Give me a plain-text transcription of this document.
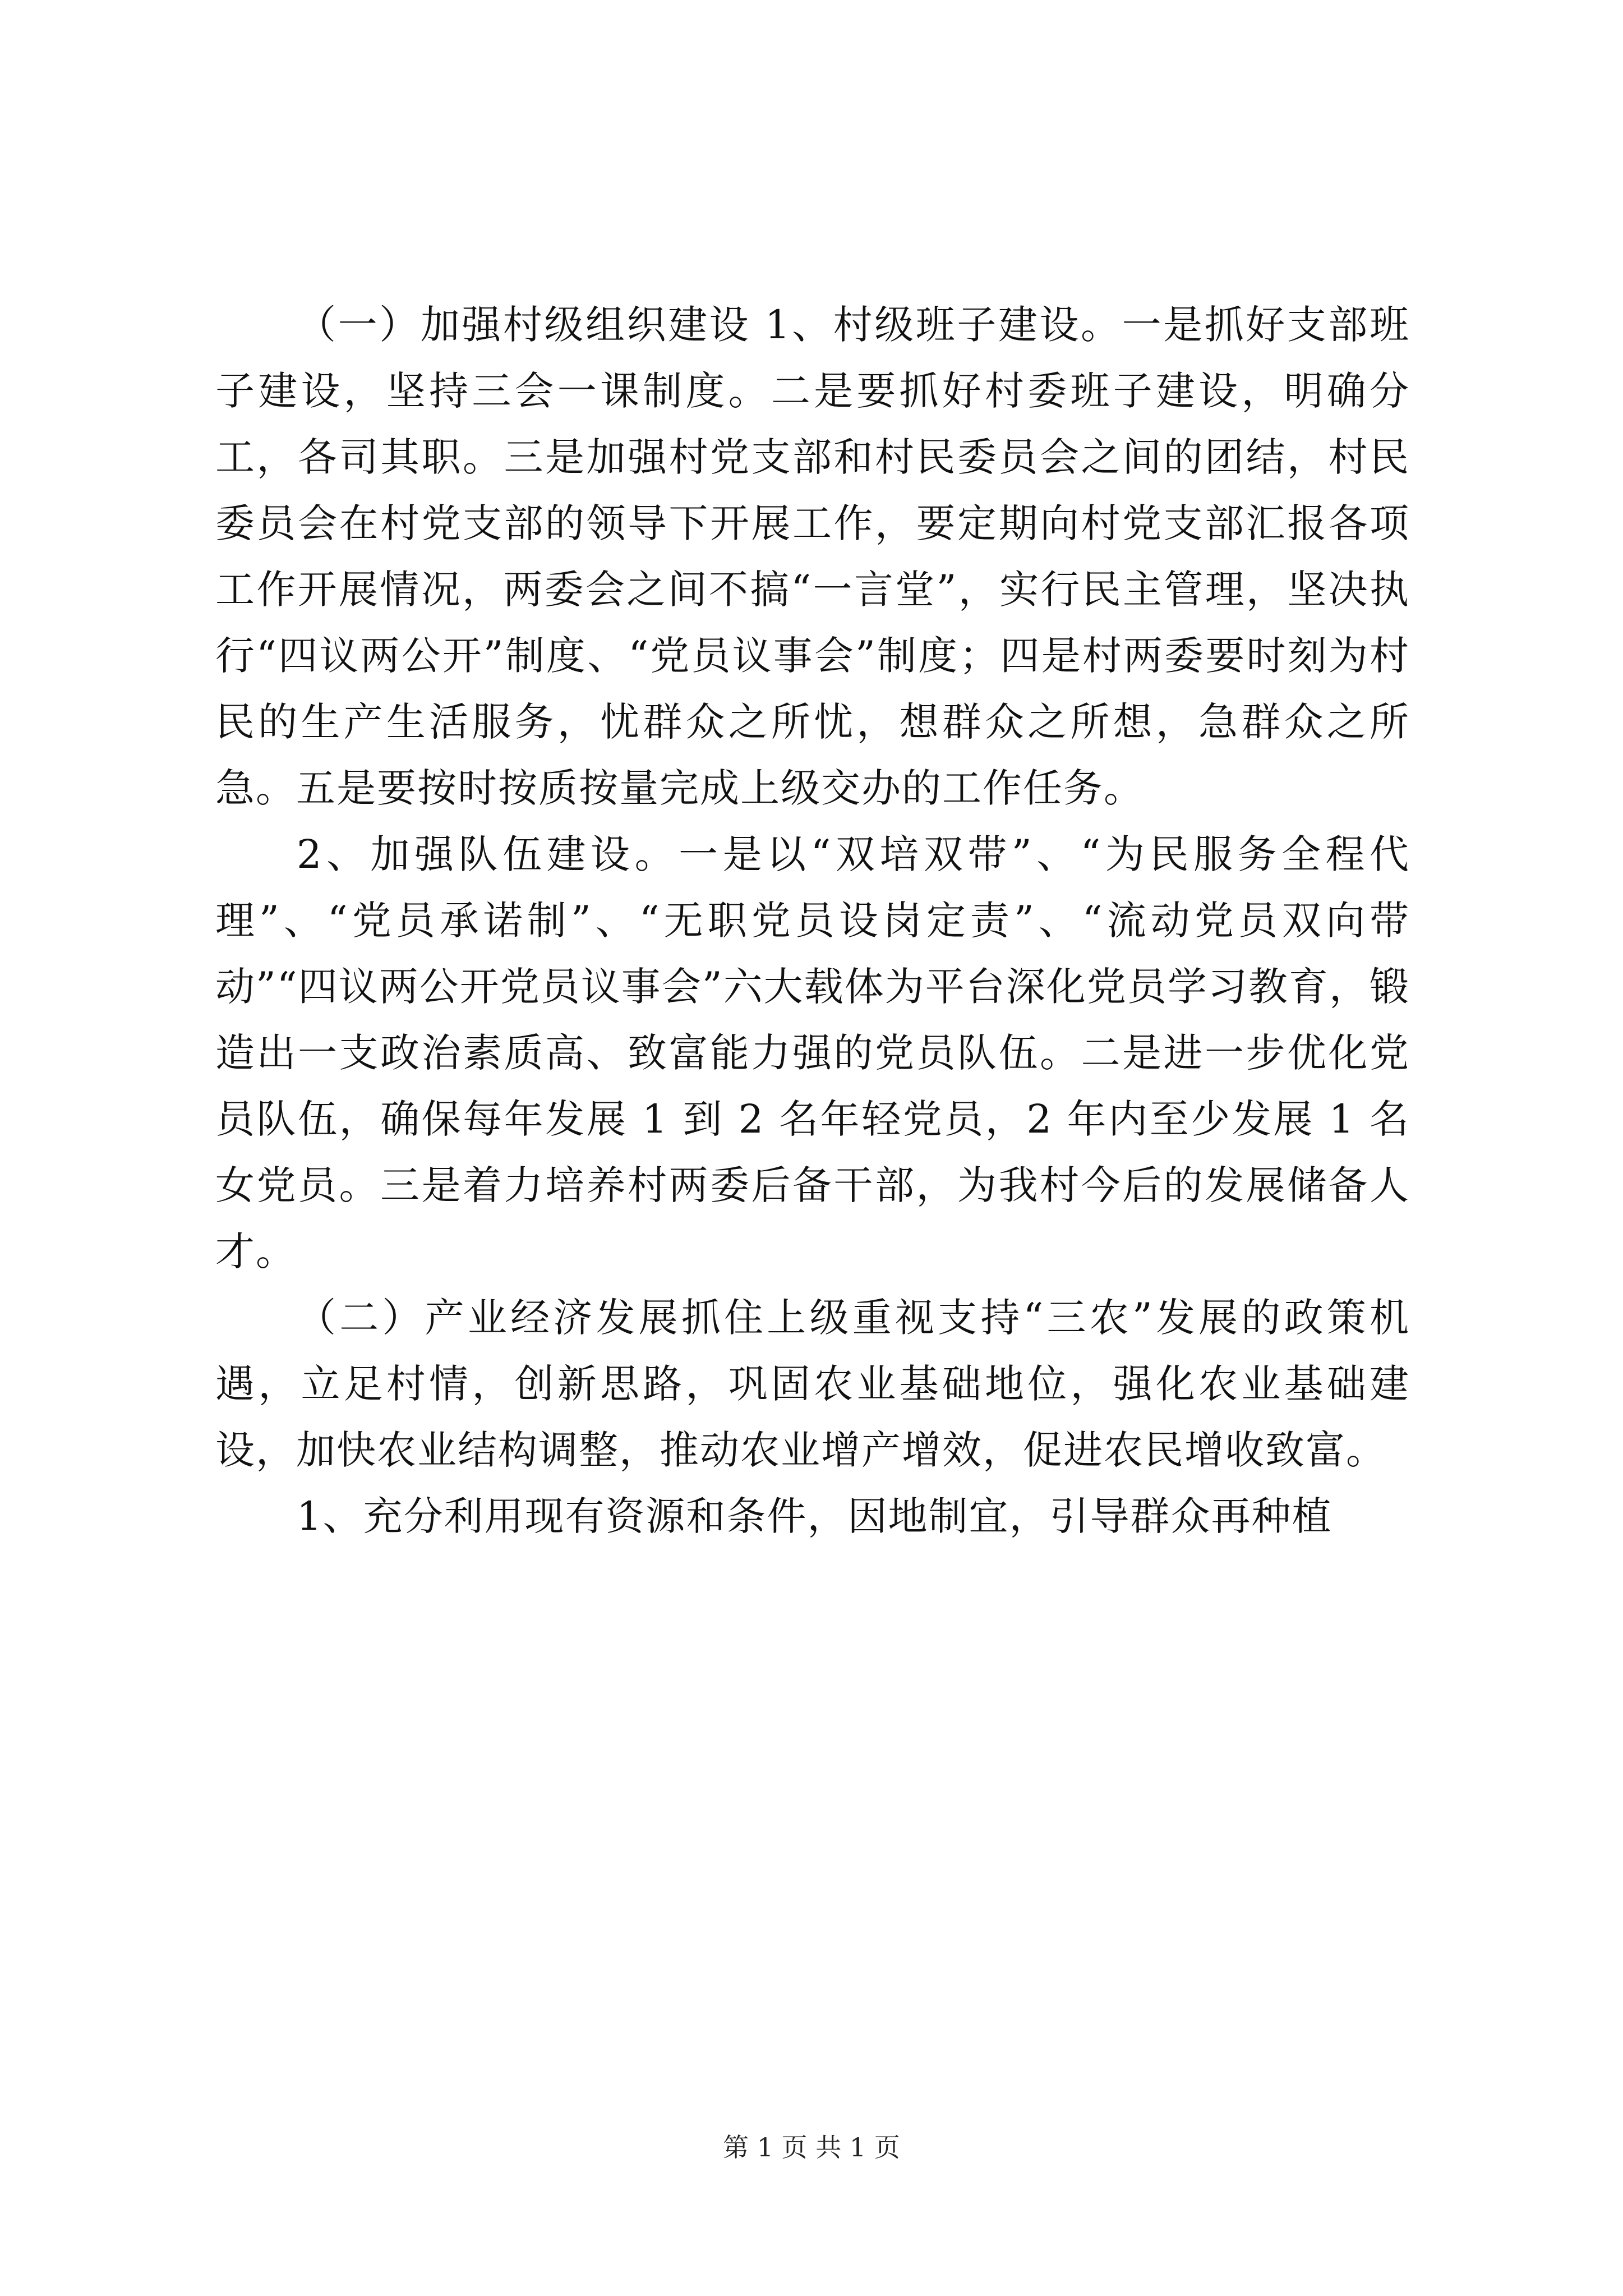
（一）加强村级组织建设 1、村级班子建设。一是抓好支部班子建设，坚持三会一课制度。二是要抓好村委班子建设，明确分工，各司其职。三是加强村党支部和村民委员会之间的团结，村民委员会在村党支部的领导下开展工作，要定期向村党支部汇报各项工作开展情况，两委会之间不搞“一言堂”，实行民主管理，坚决执行“四议两公开”制度、“党员议事会”制度；四是村两委要时刻为村民的生产生活服务，忧群众之所忧，想群众之所想，急群众之所急。五是要按时按质按量完成上级交办的工作任务。

2、加强队伍建设。一是以“双培双带”、“为民服务全程代理”、“党员承诺制”、“无职党员设岗定责”、“流动党员双向带动”“四议两公开党员议事会”六大载体为平台深化党员学习教育，锻造出一支政治素质高、致富能力强的党员队伍。二是进一步优化党员队伍，确保每年发展 1 到 2 名年轻党员，2 年内至少发展 1 名女党员。三是着力培养村两委后备干部，为我村今后的发展储备人才。

（二）产业经济发展抓住上级重视支持“三农”发展的政策机遇，立足村情，创新思路，巩固农业基础地位，强化农业基础建设，加快农业结构调整，推动农业增产增效，促进农民增收致富。

1、充分利用现有资源和条件，因地制宜，引导群众再种植

第 1 页 共 1 页
